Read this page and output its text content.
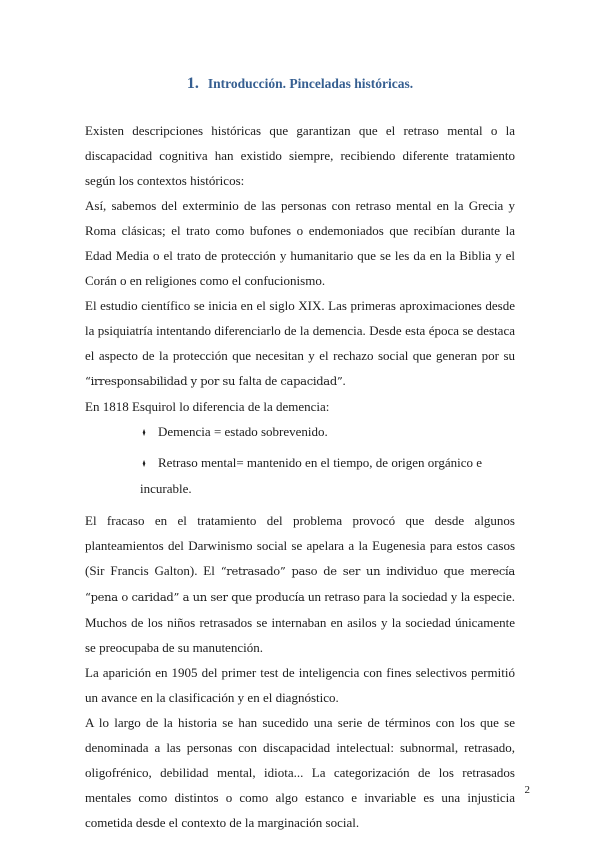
1. Introducción. Pinceladas históricas.

Existen descripciones históricas que garantizan que el retraso mental o la discapacidad cognitiva han existido siempre, recibiendo diferente tratamiento según los contextos históricos:

Así, sabemos del exterminio de las personas con retraso mental en la Grecia y Roma clásicas; el trato como bufones o endemoniados que recibían durante la Edad Media o el trato de protección y humanitario que se les da en la Biblia y el Corán o en religiones como el confucionismo.

El estudio científico se inicia en el siglo XIX. Las primeras aproximaciones desde la psiquiatría intentando diferenciarlo de la demencia. Desde esta época se destaca el aspecto de la protección que necesitan y el rechazo social que generan por su “irresponsabilidad y por su falta de capacidad”.

En 1818 Esquirol lo diferencia de la demencia:

♦ Demencia = estado sobrevenido.
♦ Retraso mental= mantenido en el tiempo, de origen orgánico e incurable.

El fracaso en el tratamiento del problema provocó que desde algunos planteamientos del Darwinismo social se apelara a la Eugenesia para estos casos (Sir Francis Galton). El “retrasado” paso de ser un individuo que merecía “pena o caridad” a un ser que producía un retraso para la sociedad y la especie. Muchos de los niños retrasados se internaban en asilos y la sociedad únicamente se preocupaba de su manutención.

La aparición en 1905 del primer test de inteligencia con fines selectivos permitió un avance en la clasificación y en el diagnóstico.

A lo largo de la historia se han sucedido una serie de términos con los que se denominada a las personas con discapacidad intelectual: subnormal, retrasado, oligofrénico, debilidad mental, idiota... La categorización de los retrasados mentales como distintos o como algo estanco e invariable es una injusticia cometida desde el contexto de la marginación social.

2
